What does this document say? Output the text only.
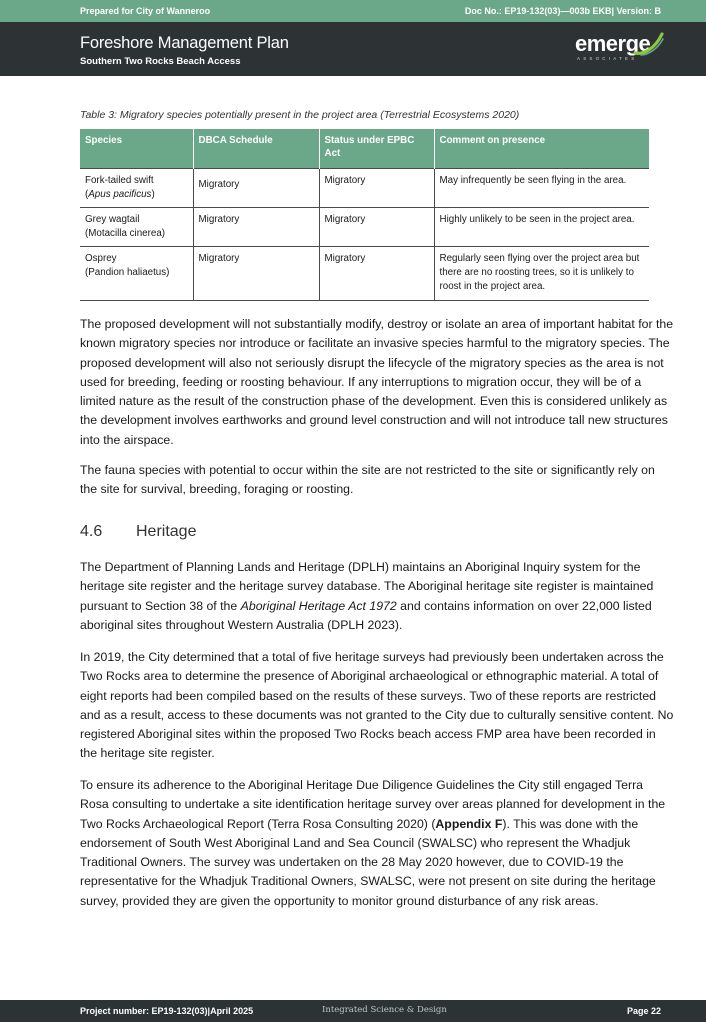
Prepared for City of Wanneroo	Doc No.: EP19-132(03)—003b EKB| Version: B
Foreshore Management Plan
Southern Two Rocks Beach Access
emerge
ASSOCIATES
Table 3: Migratory species potentially present in the project area (Terrestrial Ecosystems 2020)
Species	DBCA Schedule	Status under EPBC Act	Comment on presence

Fork-tailed swift
(Apus pacificus)	Migratory	Migratory	May infrequently be seen flying in the area.

Grey wagtail
(Motacilla cinerea)	Migratory	Migratory	Highly unlikely to be seen in the project area.

Osprey
(Pandion haliaetus)	Migratory	Migratory	Regularly seen flying over the project area but there are no roosting trees, so it is unlikely to roost in the project area.

The proposed development will not substantially modify, destroy or isolate an area of important habitat for the known migratory species nor introduce or facilitate an invasive species harmful to the migratory species. The proposed development will also not seriously disrupt the lifecycle of the migratory species as the area is not used for breeding, feeding or roosting behaviour. If any interruptions to migration occur, they will be of a limited nature as the result of the construction phase of the development. Even this is considered unlikely as the development involves earthworks and ground level construction and will not introduce tall new structures into the airspace.

The fauna species with potential to occur within the site are not restricted to the site or significantly rely on the site for survival, breeding, foraging or roosting.

4.6 Heritage

The Department of Planning Lands and Heritage (DPLH) maintains an Aboriginal Inquiry system for the heritage site register and the heritage survey database. The Aboriginal heritage site register is maintained pursuant to Section 38 of the Aboriginal Heritage Act 1972 and contains information on over 22,000 listed aboriginal sites throughout Western Australia (DPLH 2023).

In 2019, the City determined that a total of five heritage surveys had previously been undertaken across the Two Rocks area to determine the presence of Aboriginal archaeological or ethnographic material. A total of eight reports had been compiled based on the results of these surveys. Two of these reports are restricted and as a result, access to these documents was not granted to the City due to culturally sensitive content. No registered Aboriginal sites within the proposed Two Rocks beach access FMP area have been recorded in the heritage site register.

To ensure its adherence to the Aboriginal Heritage Due Diligence Guidelines the City still engaged Terra Rosa consulting to undertake a site identification heritage survey over areas planned for development in the Two Rocks Archaeological Report (Terra Rosa Consulting 2020) (Appendix F). This was done with the endorsement of South West Aboriginal Land and Sea Council (SWALSC) who represent the Whadjuk Traditional Owners. The survey was undertaken on the 28 May 2020 however, due to COVID-19 the representative for the Whadjuk Traditional Owners, SWALSC, were not present on site during the heritage survey, provided they are given the opportunity to monitor ground disturbance of any risk areas.

Project number: EP19-132(03)|April 2025	Integrated Science & Design	Page 22
